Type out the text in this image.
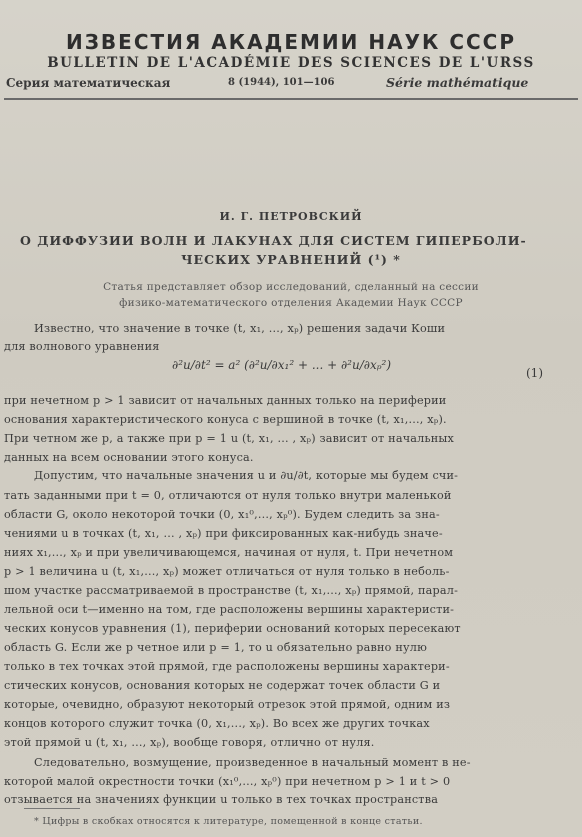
ИЗВЕСТИЯ АКАДЕМИИ НАУК СССР
BULLETIN DE L'ACADÉMIE DES SCIENCES DE L'URSS
Серия математическая	8 (1944), 101—106	Série mathématique
И. Г. ПЕТРОВСКИЙ
О ДИФФУЗИИ ВОЛН И ЛАКУНАХ ДЛЯ СИСТЕМ ГИПЕРБОЛИ-
ЧЕСКИХ УРАВНЕНИЙ (¹) *
Статья представляет обзор исследований, сделанный на сессии
физико-математического отделения Академии Наук СССР
Известно, что значение в точке (t, x₁, ..., xₚ) решения задачи Коши
для волнового уравнения
∂²u/∂t² = a² (∂²u/∂x₁² + ... + ∂²u/∂xₚ²)
(1)
при нечетном p > 1 зависит от начальных данных только на периферии
основания характеристического конуса с вершиной в точке (t, x₁,..., xₚ).
При четном же p, а также при p = 1 u (t, x₁, ... , xₚ) зависит от начальных
данных на всем основании этого конуса.
Допустим, что начальные значения u и ∂u/∂t, которые мы будем счи-
тать заданными при t = 0, отличаются от нуля только внутри маленькой
области G, около некоторой точки (0, x₁⁰,..., xₚ⁰). Будем следить за зна-
чениями u в точках (t, x₁, ... , xₚ) при фиксированных как-нибудь значе-
ниях x₁,..., xₚ и при увеличивающемся, начиная от нуля, t. При нечетном
p > 1 величина u (t, x₁,..., xₚ) может отличаться от нуля только в неболь-
шом участке рассматриваемой в пространстве (t, x₁,..., xₚ) прямой, парал-
лельной оси t—именно на том, где расположены вершины характеристи-
ческих конусов уравнения (1), периферии оснований которых пересекают
область G. Если же p четное или p = 1, то u обязательно равно нулю
только в тех точках этой прямой, где расположены вершины характери-
стических конусов, основания которых не содержат точек области G и
которые, очевидно, образуют некоторый отрезок этой прямой, одним из
концов которого служит точка (0, x₁,..., xₚ). Во всех же других точках
этой прямой u (t, x₁, ..., xₚ), вообще говоря, отлично от нуля.
Следовательно, возмущение, произведенное в начальный момент в не-
которой малой окрестности точки (x₁⁰,..., xₚ⁰) при нечетном p > 1 и t > 0
отзывается на значениях функции u только в тех точках пространства
* Цифры в скобках относятся к литературе, помещенной в конце статьи.
